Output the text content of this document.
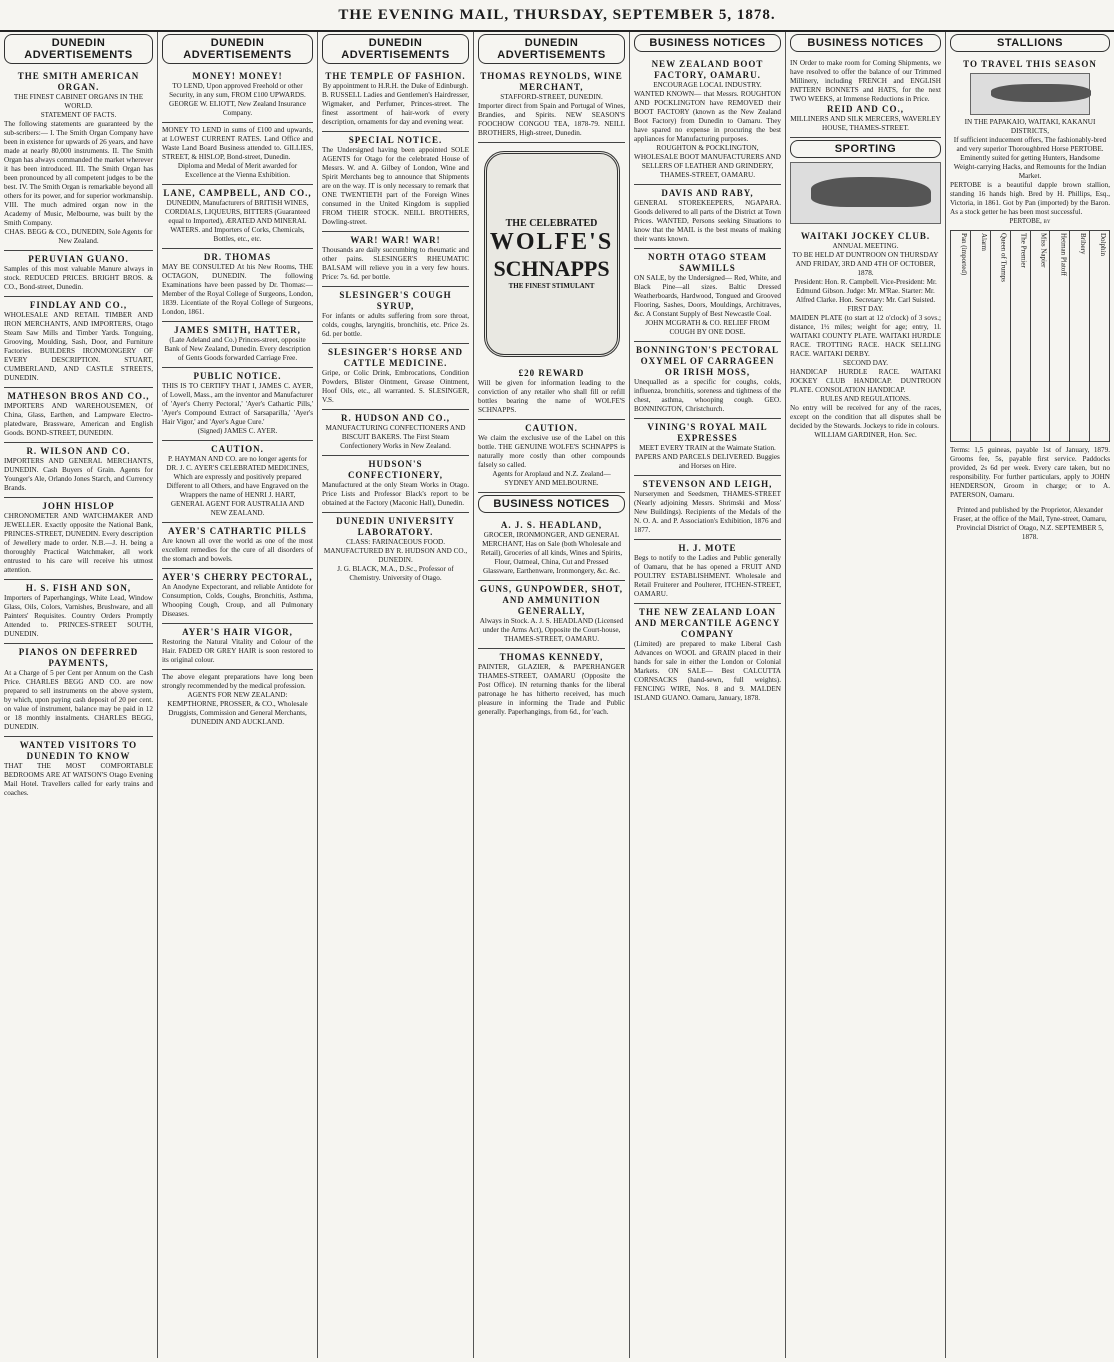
THE EVENING MAIL, THURSDAY, SEPTEMBER 5, 1878.
DUNEDIN ADVERTISEMENTS

THE SMITH AMERICAN ORGAN.

THE FINEST CABINET ORGANS IN THE WORLD.

STATEMENT OF FACTS.

The following statements are guaranteed by the sub-scribers:— I. The Smith Organ Company have been in existence for upwards of 26 years, and have made at nearly 80,000 instruments. II. The Smith Organ has always commanded the market wherever it has been introduced. III. The Smith Organ has been pronounced by all competent judges to be the best. IV. The Smith Organ is remarkable beyond all others for its power, and for superior workmanship. VIII. The much admired organ now in the Academy of Music, Melbourne, was built by the Smith Company.

CHAS. BEGG & CO., DUNEDIN, Sole Agents for New Zealand.

PERUVIAN GUANO.

Samples of this most valuable Manure always in stock. REDUCED PRICES. BRIGHT BROS. & CO., Bond-street, Dunedin.

FINDLAY AND CO.,

WHOLESALE AND RETAIL TIMBER AND IRON MERCHANTS, AND IMPORTERS, Otago Steam Saw Mills and Timber Yards. Tonguing, Grooving, Moulding, Sash, Door, and Furniture Factories. BUILDERS IRONMONGERY OF EVERY DESCRIPTION. STUART, CUMBERLAND, AND CASTLE STREETS, DUNEDIN.

MATHESON BROS AND CO.,

IMPORTERS AND WAREHOUSEMEN, Of China, Glass, Earthen, and Lampware Electro-platedware, Brassware, American and English Goods. BOND-STREET, DUNEDIN.

R. WILSON AND CO.

IMPORTERS AND GENERAL MERCHANTS, DUNEDIN. Cash Buyers of Grain. Agents for Younger's Ale, Orlando Jones Starch, and Currency Brands.

JOHN HISLOP

CHRONOMETER AND WATCHMAKER AND JEWELLER. Exactly opposite the National Bank, PRINCES-STREET, DUNEDIN. Every description of Jewellery made to order. N.B.—J. H. being a thoroughly Practical Watchmaker, all work entrusted to his care will receive his utmost attention.

H. S. FISH AND SON,

Importers of Paperhangings, White Lead, Window Glass, Oils, Colors, Varnishes, Brushware, and all Painters' Requisites. Country Orders Promptly Attended to. PRINCES-STREET SOUTH, DUNEDIN.

PIANOS ON DEFERRED PAYMENTS,

At a Charge of 5 per Cent per Annum on the Cash Price. CHARLES BEGG AND CO. are now prepared to sell instruments on the above system, by which, upon paying cash deposit of 20 per cent. on value of instrument, balance may be paid in 12 or 18 monthly instalments. CHARLES BEGG, DUNEDIN.

WANTED VISITORS TO DUNEDIN TO KNOW

THAT THE MOST COMFORTABLE BEDROOMS ARE AT WATSON'S Otago Evening Mail Hotel. Travellers called for early trains and coaches.

DUNEDIN ADVERTISEMENTS

MONEY! MONEY!

TO LEND, Upon approved Freehold or other Security, in any sum, FROM £100 UPWARDS. GEORGE W. ELIOTT, New Zealand Insurance Company.

MONEY TO LEND in sums of £100 and upwards, at LOWEST CURRENT RATES. Land Office and Waste Land Board Business attended to. GILLIES, STREET, & HISLOP, Bond-street, Dunedin.

Diploma and Medal of Merit awarded for Excellence at the Vienna Exhibition.

LANE, CAMPBELL, AND CO.,

DUNEDIN, Manufacturers of BRITISH WINES, CORDIALS, LIQUEURS, BITTERS (Guaranteed equal to Imported), ÆRATED AND MINERAL WATERS. and Importers of Corks, Chemicals, Bottles, etc., etc.

DR. THOMAS

MAY BE CONSULTED At his New Rooms, THE OCTAGON, DUNEDIN. The following Examinations have been passed by Dr. Thomas:— Member of the Royal College of Surgeons, London, 1839. Licentiate of the Royal College of Surgeons, London, 1861.

JAMES SMITH, HATTER,

(Late Adeland and Co.) Princes-street, opposite Bank of New Zealand, Dunedin. Every description of Gents Goods forwarded Carriage Free.

PUBLIC NOTICE.

THIS IS TO CERTIFY THAT I, JAMES C. AYER, of Lowell, Mass., am the inventor and Manufacturer of 'Ayer's Cherry Pectoral,' 'Ayer's Cathartic Pills,' 'Ayer's Compound Extract of Sarsaparilla,' 'Ayer's Hair Vigor,' and 'Ayer's Ague Cure.'

(Signed) JAMES C. AYER.

CAUTION.

P. HAYMAN AND CO. are no longer agents for DR. J. C. AYER'S CELEBRATED MEDICINES, Which are expressly and positively prepared Different to all Others, and have Engraved on the Wrappers the name of HENRI J. HART, GENERAL AGENT FOR AUSTRALIA AND NEW ZEALAND.

AYER'S CATHARTIC PILLS

Are known all over the world as one of the most excellent remedies for the cure of all disorders of the stomach and bowels.

AYER'S CHERRY PECTORAL,

An Anodyne Expectorant, and reliable Antidote for Consumption, Colds, Coughs, Bronchitis, Asthma, Whooping Cough, Croup, and all Pulmonary Diseases.

AYER'S HAIR VIGOR,

Restoring the Natural Vitality and Colour of the Hair. FADED OR GREY HAIR is soon restored to its original colour.

The above elegant preparations have long been strongly recommended by the medical profession.

AGENTS FOR NEW ZEALAND: KEMPTHORNE, PROSSER, & CO., Wholesale Druggists, Commission and General Merchants, DUNEDIN AND AUCKLAND.

DUNEDIN ADVERTISEMENTS

THE TEMPLE OF FASHION.

By appointment to H.R.H. the Duke of Edinburgh.

B. RUSSELL Ladies and Gentlemen's Hairdresser, Wigmaker, and Perfumer, Princes-street. The finest assortment of hair-work of every description, ornaments for day and evening wear.

SPECIAL NOTICE.

The Undersigned having been appointed SOLE AGENTS for Otago for the celebrated House of Messrs. W. and A. Gilbey of London, Wine and Spirit Merchants beg to announce that Shipments are on the way. IT is only necessary to remark that ONE TWENTIETH part of the Foreign Wines consumed in the United Kingdom is supplied FROM THEIR STOCK. NEILL BROTHERS, Dowling-street.

WAR! WAR! WAR!

Thousands are daily succumbing to rheumatic and other pains. SLESINGER'S RHEUMATIC BALSAM will relieve you in a very few hours. Price: 7s. 6d. per bottle.

SLESINGER'S COUGH SYRUP,

For infants or adults suffering from sore throat, colds, coughs, laryngitis, bronchitis, etc. Price 2s. 6d. per bottle.

SLESINGER'S HORSE AND CATTLE MEDICINE.

Gripe, or Colic Drink, Embrocations, Condition Powders, Blister Ointment, Grease Ointment, Hoof Oils, etc., all warranted. S. SLESINGER, V.S.

R. HUDSON AND CO.,

MANUFACTURING CONFECTIONERS AND BISCUIT BAKERS. The First Steam Confectionery Works in New Zealand.

HUDSON'S CONFECTIONERY,

Manufactured at the only Steam Works in Otago. Price Lists and Professor Black's report to be obtained at the Factory (Maconic Hall), Dunedin.

DUNEDIN UNIVERSITY LABORATORY.

CLASS: FARINACEOUS FOOD. MANUFACTURED BY R. HUDSON AND CO., DUNEDIN.

J. G. BLACK, M.A., D.Sc., Professor of Chemistry. University of Otago.

DUNEDIN ADVERTISEMENTS

THOMAS REYNOLDS, WINE MERCHANT,

STAFFORD-STREET, DUNEDIN.

Importer direct from Spain and Portugal of Wines, Brandies, and Spirits. NEW SEASON'S FOOCHOW CONGOU TEA, 1878-79. NEILL BROTHERS, High-street, Dunedin.

THE CELEBRATED
WOLFE'S
SCHNAPPS
THE FINEST STIMULANT

£20 REWARD

Will be given for information leading to the conviction of any retailer who shall fill or refill bottles bearing the name of WOLFE'S SCHNAPPS.

CAUTION.

We claim the exclusive use of the Label on this bottle. THE GENUINE WOLFE'S SCHNAPPS is naturally more costly than other compounds falsely so called.

Agents for Aroplaud and N.Z. Zealand—SYDNEY AND MELBOURNE.

BUSINESS NOTICES

A. J. S. HEADLAND,

GROCER, IRONMONGER, AND GENERAL MERCHANT, Has on Sale (both Wholesale and Retail), Groceries of all kinds, Wines and Spirits, Flour, Oatmeal, China, Cut and Pressed Glassware, Earthenware, Ironmongery, &c. &c.

GUNS, GUNPOWDER, SHOT, AND AMMUNITION GENERALLY,

Always in Stock. A. J. S. HEADLAND (Licensed under the Arms Act), Opposite the Court-house, THAMES-STREET, OAMARU.

THOMAS KENNEDY,

PAINTER, GLAZIER, & PAPERHANGER THAMES-STREET, OAMARU (Opposite the Post Office). IN returning thanks for the liberal patronage he has hitherto received, has much pleasure in informing the Trade and Public generally. Paperhangings, from 6d., for 'each.

BUSINESS NOTICES

NEW ZEALAND BOOT FACTORY, OAMARU.

ENCOURAGE LOCAL INDUSTRY.

WANTED KNOWN— that Messrs. ROUGHTON AND POCKLINGTON have REMOVED their BOOT FACTORY (known as the New Zealand Boot Factory) from Dunedin to Oamaru. They have spared no expense in procuring the best appliances for Manufacturing purposes.

ROUGHTON & POCKLINGTON, WHOLESALE BOOT MANUFACTURERS AND SELLERS OF LEATHER AND GRINDERY, THAMES-STREET, OAMARU.

DAVIS AND RABY,

GENERAL STOREKEEPERS, NGAPARA. Goods delivered to all parts of the District at Town Prices. WANTED, Persons seeking Situations to know that the MAIL is the best means of making their wants known.

NORTH OTAGO STEAM SAWMILLS

ON SALE, by the Undersigned— Red, White, and Black Pine—all sizes. Baltic Dressed Weatherboards, Hardwood, Tongued and Grooved Flooring, Sashes, Doors, Mouldings, Architraves, &c. A Constant Supply of Best Newcastle Coal.

JOHN MCGRATH & CO. RELIEF FROM COUGH BY ONE DOSE.

BONNINGTON'S PECTORAL OXYMEL OF CARRAGEEN OR IRISH MOSS,

Unequalled as a specific for coughs, colds, influenza, bronchitis, soreness and tightness of the chest, asthma, whooping cough. GEO. BONNINGTON, Christchurch.

VINING'S ROYAL MAIL EXPRESSES

MEET EVERY TRAIN at the Waimate Station. PAPERS AND PARCELS DELIVERED. Buggies and Horses on Hire.

STEVENSON AND LEIGH,

Nurserymen and Seedsmen, THAMES-STREET (Nearly adjoining Messrs. Shrimski and Moss' New Buildings). Recipients of the Medals of the N. O. A. and P. Association's Exhibition, 1876 and 1877.

H. J. MOTE

Begs to notify to the Ladies and Public generally of Oamaru, that he has opened a FRUIT AND POULTRY ESTABLISHMENT. Wholesale and Retail Fruiterer and Poulterer, ITCHEN-STREET, OAMARU.

THE NEW ZEALAND LOAN AND MERCANTILE AGENCY COMPANY

(Limited) are prepared to make Liberal Cash Advances on WOOL and GRAIN placed in their hands for sale in either the London or Colonial Markets. ON SALE— Best CALCUTTA CORNSACKS (hand-sewn, full weights). FENCING WIRE, Nos. 8 and 9. MALDEN ISLAND GUANO. Oamaru, January, 1878.

BUSINESS NOTICES

IN Order to make room for Coming Shipments, we have resolved to offer the balance of our Trimmed Millinery, including FRENCH and ENGLISH PATTERN BONNETS and HATS, for the next TWO WEEKS, at Immense Reductions in Price.

REID AND CO.,

MILLINERS AND SILK MERCERS, WAVERLEY HOUSE, THAMES-STREET.

SPORTING

WAITAKI JOCKEY CLUB.

ANNUAL MEETING.

TO BE HELD AT DUNTROON ON THURSDAY AND FRIDAY, 3RD AND 4TH OF OCTOBER, 1878.

President: Hon. R. Campbell. Vice-President: Mr. Edmund Gibson. Judge: Mr. M'Rae. Starter: Mr. Alfred Clarke. Hon. Secretary: Mr. Carl Suisted.

FIRST DAY.

MAIDEN PLATE (to start at 12 o'clock) of 3 sovs.; distance, 1½ miles; weight for age; entry, 1l. WAITAKI COUNTY PLATE. WAITAKI HURDLE RACE. TROTTING RACE. HACK SELLING RACE. WAITAKI DERBY.

SECOND DAY.

HANDICAP HURDLE RACE. WAITAKI JOCKEY CLUB HANDICAP. DUNTROON PLATE. CONSOLATION HANDICAP.

RULES AND REGULATIONS.

No entry will be received for any of the races, except on the condition that all disputes shall be decided by the Stewards. Jockeys to ride in colours.

WILLIAM GARDINER, Hon. Sec.

STALLIONS

TO TRAVEL THIS SEASON

IN THE PAPAKAIO, WAITAKI, KAKANUI DISTRICTS,

If sufficient inducement offers, The fashionably-bred and very superior Thoroughbred Horse PERTOBE. Eminently suited for getting Hunters, Handsome Weight-carrying Hacks, and Remounts for the Indian Market.

PERTOBE is a beautiful dapple brown stallion, standing 16 hands high. Bred by H. Phillips, Esq., Victoria, in 1861. Got by Pan (imported) by the Baron. As a stock getter he has been most successful.

PERTOBE, by

Pan (imported)	Alarm	Queen of Trumps	The Premier	Miss Napier	Hetman Platoff	Bribery	Dolphin

Terms: 1,5 guineas, payable 1st of January, 1879. Grooms fee, 5s, payable first service. Paddocks provided, 2s 6d per week. Every care taken, but no responsibility. For further particulars, apply to JOHN HENDERSON, Groom in charge; or to A. PATERSON, Oamaru.

Printed and published by the Proprietor, Alexander Fraser, at the office of the Mail, Tyne-street, Oamaru, Provincial District of Otago, N.Z. SEPTEMBER 5, 1878.
